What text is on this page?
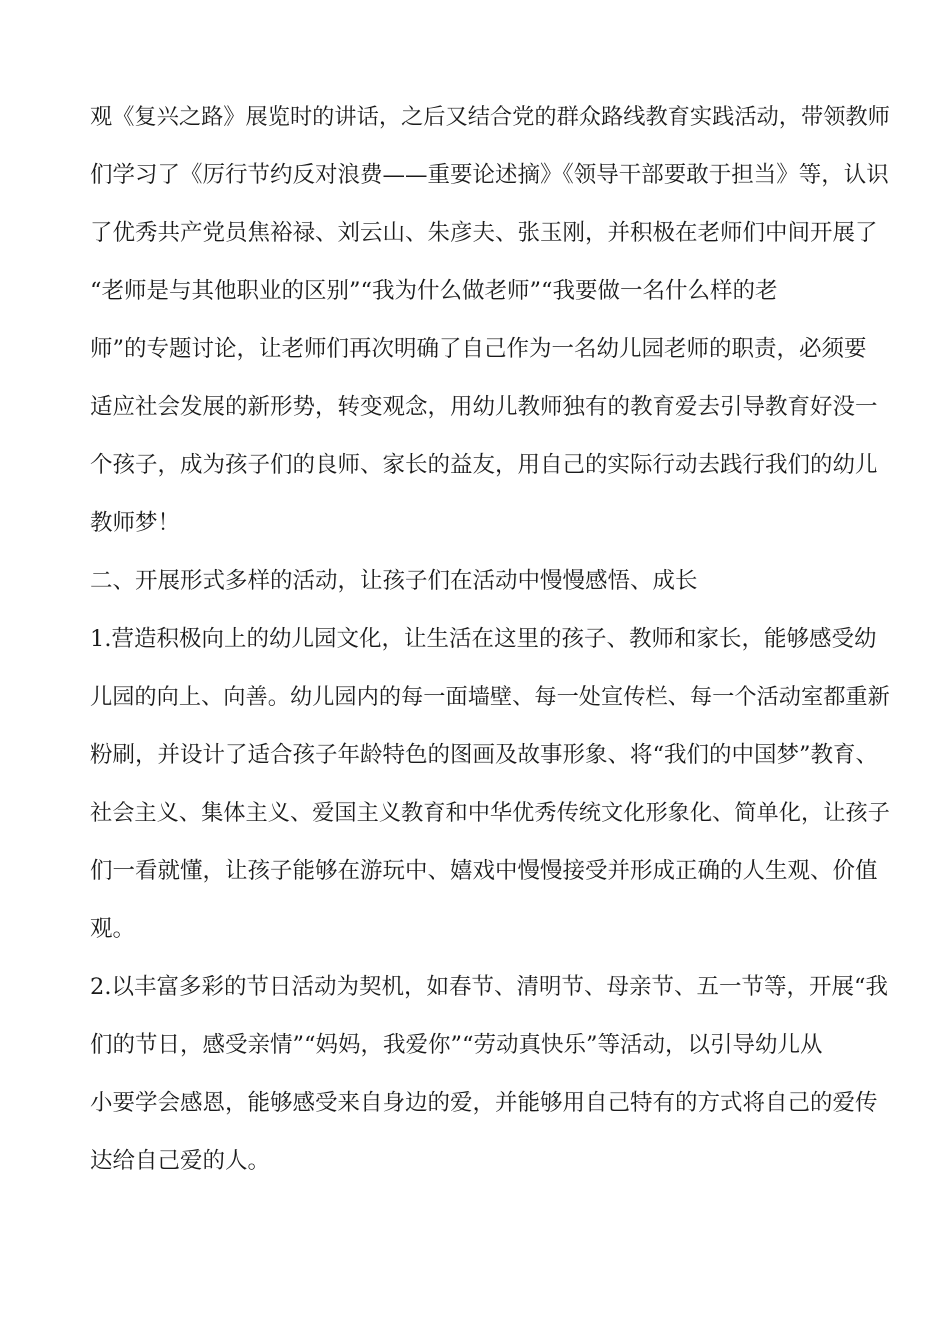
观《复兴之路》展览时的讲话，之后又结合党的群众路线教育实践活动，带领教师
们学习了《厉行节约反对浪费——重要论述摘》《领导干部要敢于担当》等，认识
了优秀共产党员焦裕禄、刘云山、朱彦夫、张玉刚，并积极在老师们中间开展了
“老师是与其他职业的区别”“我为什么做老师”“我要做一名什么样的老
师”的专题讨论，让老师们再次明确了自己作为一名幼儿园老师的职责，必须要
适应社会发展的新形势，转变观念，用幼儿教师独有的教育爱去引导教育好没一
个孩子，成为孩子们的良师、家长的益友，用自己的实际行动去践行我们的幼儿
教师梦！
二、开展形式多样的活动，让孩子们在活动中慢慢感悟、成长
1.营造积极向上的幼儿园文化，让生活在这里的孩子、教师和家长，能够感受幼
儿园的向上、向善。幼儿园内的每一面墙壁、每一处宣传栏、每一个活动室都重新
粉刷，并设计了适合孩子年龄特色的图画及故事形象、将“我们的中国梦”教育、
社会主义、集体主义、爱国主义教育和中华优秀传统文化形象化、简单化，让孩子
们一看就懂，让孩子能够在游玩中、嬉戏中慢慢接受并形成正确的人生观、价值
观。
2.以丰富多彩的节日活动为契机，如春节、清明节、母亲节、五一节等，开展“我
们的节日，感受亲情”“妈妈，我爱你”“劳动真快乐”等活动，以引导幼儿从
小要学会感恩，能够感受来自身边的爱，并能够用自己特有的方式将自己的爱传
达给自己爱的人。
